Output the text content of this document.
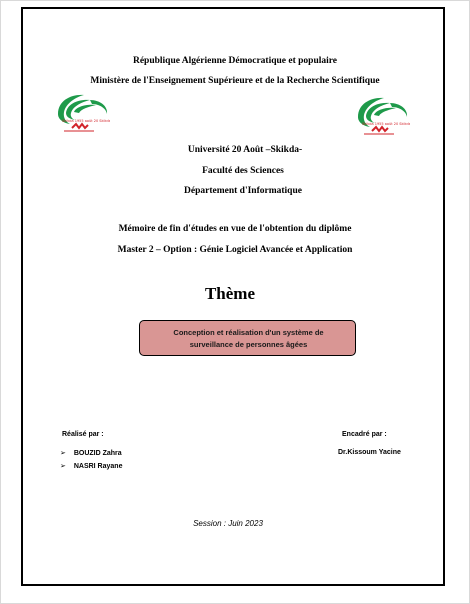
République Algérienne Démocratique et populaire
Ministère de l'Enseignement Supérieure et de la Recherche Scientifique
Skikda 1955 août 20 Skikda
Skikda 1955 août 20 Skikda
Université 20 Août –Skikda-
Faculté des Sciences
Département d'Informatique
Mémoire de fin d'études en vue de l'obtention du diplôme
Master 2 – Option : Génie Logiciel Avancée et Application
Thème
Conception et réalisation d'un système de
surveillance de personnes âgées
Réalisé par :	Encadré par :
➢ BOUZID Zahra
➢ NASRI Rayane
Dr.Kissoum Yacine
Session : Juin 2023
